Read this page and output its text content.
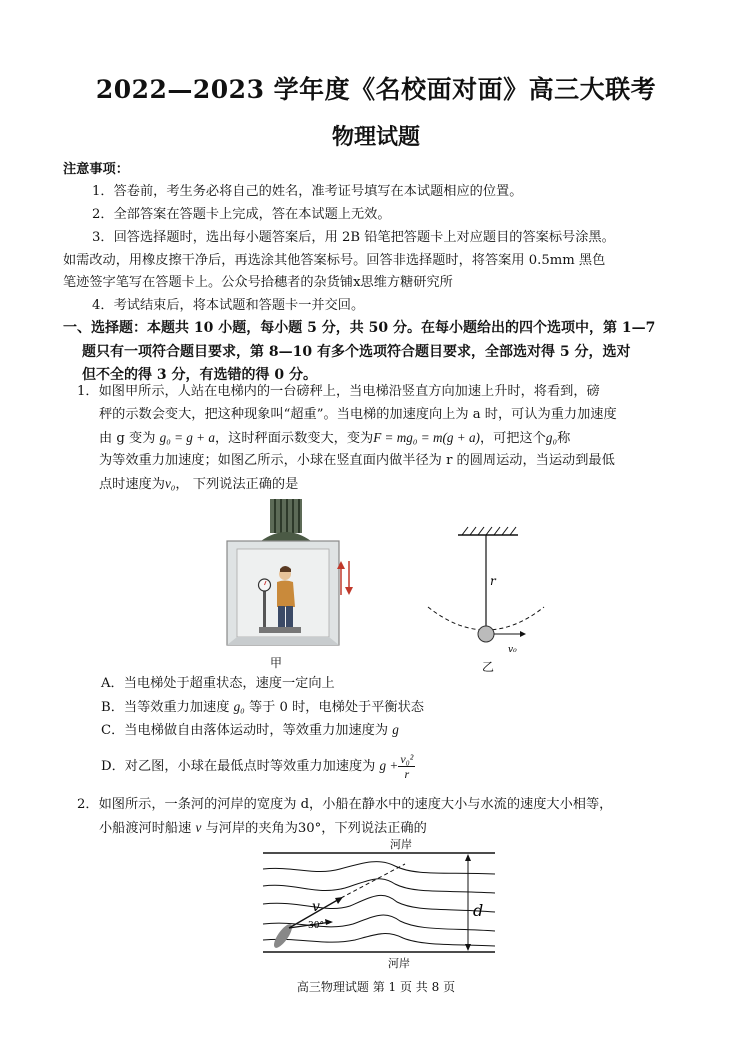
2022—2023 学年度《名校面对面》高三大联考
物理试题
注意事项：
1．答卷前，考生务必将自己的姓名，准考证号填写在本试题相应的位置。
2．全部答案在答题卡上完成，答在本试题上无效。
3．回答选择题时，选出每小题答案后，用 2B 铅笔把答题卡上对应题目的答案标号涂黑。
如需改动，用橡皮擦干净后，再选涂其他答案标号。回答非选择题时，将答案用 0.5mm 黑色
笔迹签字笔写在答题卡上。公众号拾穗者的杂货铺x思维方糖研究所
4．考试结束后，将本试题和答题卡一并交回。
一、选择题：本题共 10 小题，每小题 5 分，共 50 分。在每小题给出的四个选项中，第 1—7
题只有一项符合题目要求，第 8—10 有多个选项符合题目要求，全部选对得 5 分，选对
但不全的得 3 分，有选错的得 0 分。
1．如图甲所示，人站在电梯内的一台磅秤上，当电梯沿竖直方向加速上升时，将看到，磅
秤的示数会变大，把这种现象叫“超重”。当电梯的加速度向上为 a 时，可认为重力加速度
由 g 变为 g₀ = g + a，这时秤面示数变大，变为F = mg₀ = m(g + a)，可把这个g₀称
为等效重力加速度；如图乙所示，小球在竖直面内做半径为 r 的圆周运动，当运动到最低
点时速度为v₀， 下列说法正确的是
甲
r
v₀
乙
A．当电梯处于超重状态，速度一定向上
B．当等效重力加速度 g₀ 等于 0 时，电梯处于平衡状态
C．当电梯做自由落体运动时，等效重力加速度为 g
D．对乙图，小球在最低点时等效重力加速度为 $g + \frac{\text{v₀²}}{r}$
2．如图所示，一条河的河岸的宽度为 d，小船在静水中的速度大小与水流的速度大小相等，
小船渡河时船速 v 与河岸的夹角为30°，下列说法正确的
河岸
河岸
d
v
30°
高三物理试题 第 1 页 共 8 页
